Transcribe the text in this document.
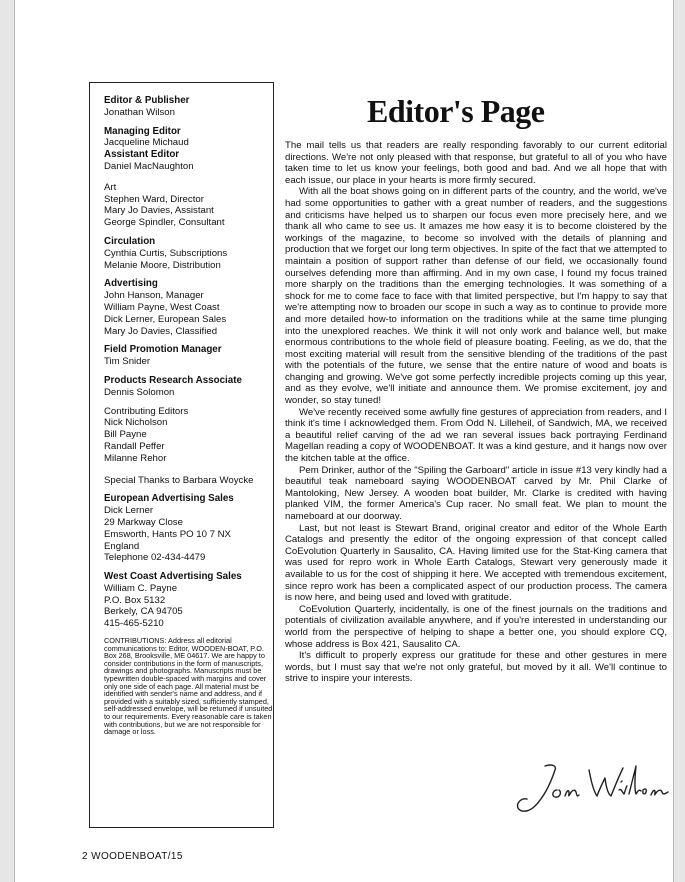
Editor & Publisher
Jonathan Wilson
Managing Editor
Jacqueline Michaud
Assistant Editor
Daniel MacNaughton
Art
Stephen Ward, Director
Mary Jo Davies, Assistant
George Spindler, Consultant
Circulation
Cynthia Curtis, Subscriptions
Melanie Moore, Distribution
Advertising
John Hanson, Manager
William Payne, West Coast
Dick Lerner, European Sales
Mary Jo Davies, Classified
Field Promotion Manager
Tim Snider
Products Research Associate
Dennis Solomon
Contributing Editors
Nick Nicholson
Bill Payne
Randall Peffer
Milanne Rehor
Special Thanks to Barbara Woycke
European Advertising Sales
Dick Lerner
29 Markway Close
Emsworth, Hants PO 10 7 NX
England
Telephone 02-434-4479
West Coast Advertising Sales
William C. Payne
P.O. Box 5132
Berkely, CA 94705
415-465-5210
CONTRIBUTIONS: Address all editorial communications to: Editor, WOODEN-BOAT, P.O. Box 268, Brooksville, ME 04617. We are happy to consider contributions in the form of manuscripts, drawings and photographs. Manuscripts must be typewritten double-spaced with margins and cover only one side of each page. All material must be identified with sender's name and address, and if provided with a suitably sized, sufficiently stamped, self-addressed envelope, will be returned if unsuited to our requirements. Every reasonable care is taken with contributions, but we are not responsible for damage or loss.
Editor's Page

The mail tells us that readers are really responding favorably to our current editorial directions. We're not only pleased with that response, but grateful to all of you who have taken time to let us know your feelings, both good and bad. And we all hope that with each issue, our place in your hearts is more firmly secured.

With all the boat shows going on in different parts of the country, and the world, we've had some opportunities to gather with a great number of readers, and the suggestions and criticisms have helped us to sharpen our focus even more precisely here, and we thank all who came to see us. It amazes me how easy it is to become cloistered by the workings of the magazine, to become so involved with the details of planning and production that we forget our long term objectives. In spite of the fact that we attempted to maintain a position of support rather than defense of our field, we occasionally found ourselves defending more than affirming. And in my own case, I found my focus trained more sharply on the traditions than the emerging technologies. It was something of a shock for me to come face to face with that limited perspective, but I'm happy to say that we're attempting now to broaden our scope in such a way as to continue to provide more and more detailed how-to information on the traditions while at the same time plunging into the unexplored reaches. We think it will not only work and balance well, but make enormous contributions to the whole field of pleasure boating. Feeling, as we do, that the most exciting material will result from the sensitive blending of the traditions of the past with the potentials of the future, we sense that the entire nature of wood and boats is changing and growing. We've got some perfectly incredible projects coming up this year, and as they evolve, we'll initiate and announce them. We promise excitement, joy and wonder, so stay tuned!

We've recently received some awfully fine gestures of appreciation from readers, and I think it's time I acknowledged them. From Odd N. Lilleheil, of Sandwich, MA, we received a beautiful relief carving of the ad we ran several issues back portraying Ferdinand Magellan reading a copy of WOODENBOAT. It was a kind gesture, and it hangs now over the kitchen table at the office.

Pem Drinker, author of the "Spiling the Garboard" article in issue #13 very kindly had a beautiful teak nameboard saying WOODENBOAT carved by Mr. Phil Clarke of Mantoloking, New Jersey. A wooden boat builder, Mr. Clarke is credited with having planked VIM, the former America's Cup racer. No small feat. We plan to mount the nameboard at our doorway.

Last, but not least is Stewart Brand, original creator and editor of the Whole Earth Catalogs and presently the editor of the ongoing expression of that concept called CoEvolution Quarterly in Sausalito, CA. Having limited use for the Stat-King camera that was used for repro work in Whole Earth Catalogs, Stewart very generously made it available to us for the cost of shipping it here. We accepted with tremendous excitement, since repro work has been a complicated aspect of our production process. The camera is now here, and being used and loved with gratitude.

CoEvolution Quarterly, incidentally, is one of the finest journals on the traditions and potentials of civilization available anywhere, and if you're interested in understanding our world from the perspective of helping to shape a better one, you should explore CQ, whose address is Box 421, Sausalito CA.

It's difficult to properly express our gratitude for these and other gestures in mere words, but I must say that we're not only grateful, but moved by it all. We'll continue to strive to inspire your interests.

2 WOODENBOAT/15
